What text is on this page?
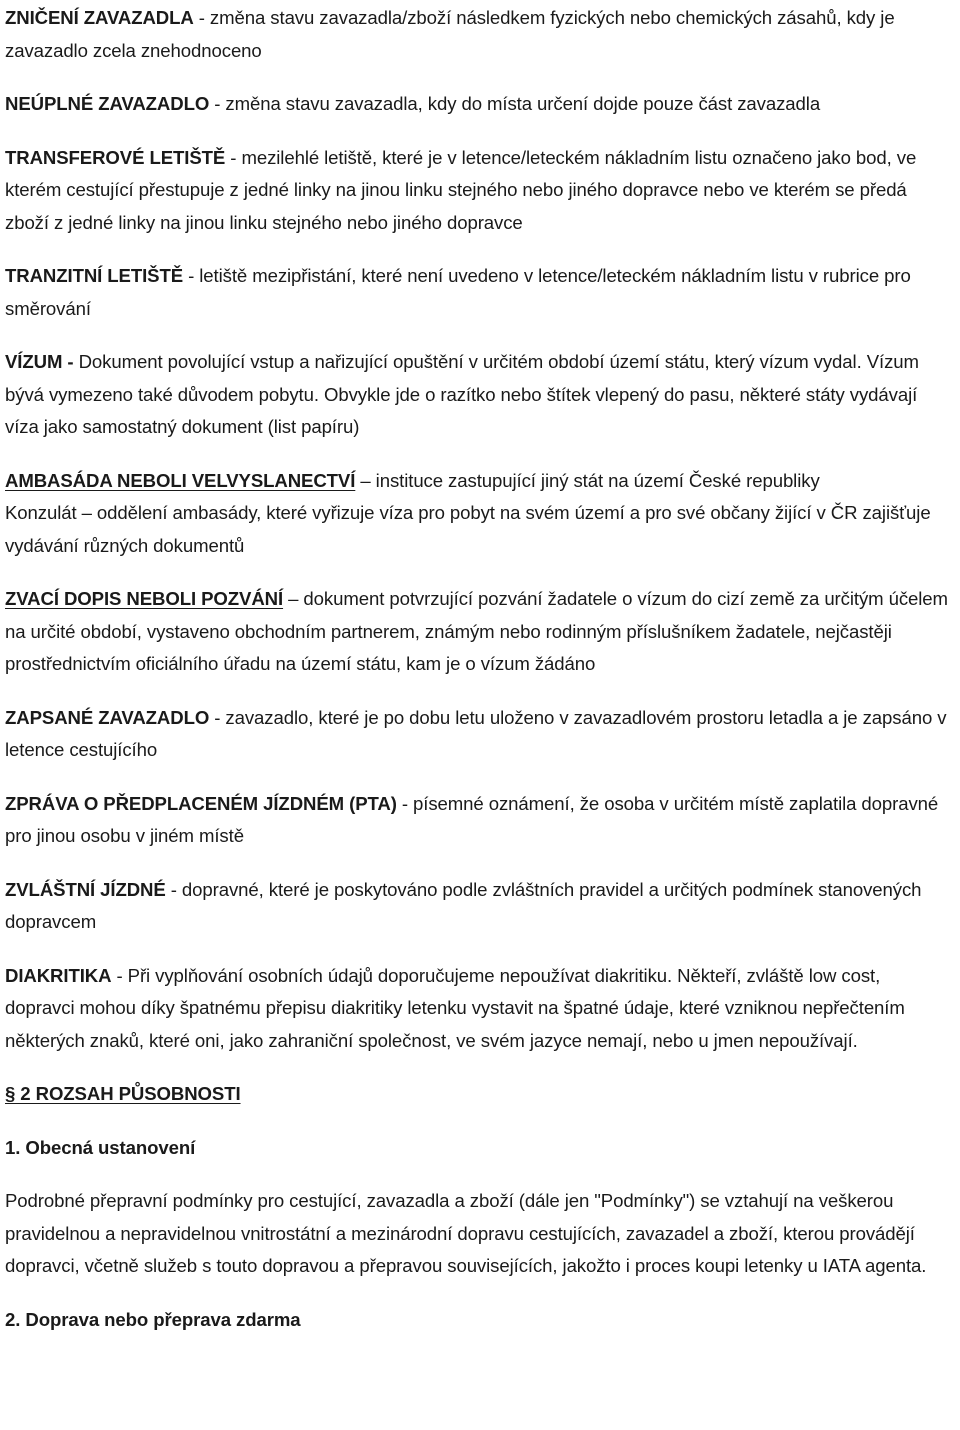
ZNIČENÍ ZAVAZADLA - změna stavu zavazadla/zboží následkem fyzických nebo chemických zásahů, kdy je zavazadlo zcela znehodnoceno

NEÚPLNÉ ZAVAZADLO - změna stavu zavazadla, kdy do místa určení dojde pouze část zavazadla

TRANSFEROVÉ LETIŠTĚ - mezilehlé letiště, které je v letence/leteckém nákladním listu označeno jako bod, ve kterém cestující přestupuje z jedné linky na jinou linku stejného nebo jiného dopravce nebo ve kterém se předá zboží z jedné linky na jinou linku stejného nebo jiného dopravce

TRANZITNÍ LETIŠTĚ - letiště mezipřistání, které není uvedeno v letence/leteckém nákladním listu v rubrice pro směrování

VÍZUM - Dokument povolující vstup a nařizující opuštění v určitém období území státu, který vízum vydal. Vízum bývá vymezeno také důvodem pobytu. Obvykle jde o razítko nebo štítek vlepený do pasu, některé státy vydávají víza jako samostatný dokument (list papíru)

AMBASÁDA NEBOLI VELVYSLANECTVÍ – instituce zastupující jiný stát na území České republiky

Konzulát – oddělení ambasády, které vyřizuje víza pro pobyt na svém území a pro své občany žijící v ČR zajišťuje vydávání různých dokumentů

ZVACÍ DOPIS NEBOLI POZVÁNÍ – dokument potvrzující pozvání žadatele o vízum do cizí země za určitým účelem na určité období, vystaveno obchodním partnerem, známým nebo rodinným příslušníkem žadatele, nejčastěji prostřednictvím oficiálního úřadu na území státu, kam je o vízum žádáno

ZAPSANÉ ZAVAZADLO - zavazadlo, které je po dobu letu uloženo v zavazadlovém prostoru letadla a je zapsáno v letence cestujícího

ZPRÁVA O PŘEDPLACENÉM JÍZDNÉM (PTA) - písemné oznámení, že osoba v určitém místě zaplatila dopravné pro jinou osobu v jiném místě

ZVLÁŠTNÍ JÍZDNÉ - dopravné, které je poskytováno podle zvláštních pravidel a určitých podmínek stanovených dopravcem

DIAKRITIKA - Při vyplňování osobních údajů doporučujeme nepoužívat diakritiku. Někteří, zvláště low cost, dopravci mohou díky špatnému přepisu diakritiky letenku vystavit na špatné údaje, které vzniknou nepřečtením některých znaků, které oni, jako zahraniční společnost, ve svém jazyce nemají, nebo u jmen nepoužívají.

§ 2 ROZSAH PŮSOBNOSTI

1. Obecná ustanovení

Podrobné přepravní podmínky pro cestující, zavazadla a zboží (dále jen "Podmínky") se vztahují na veškerou pravidelnou a nepravidelnou vnitrostátní a mezinárodní dopravu cestujících, zavazadel a zboží, kterou provádějí dopravci, včetně služeb s touto dopravou a přepravou souvisejících, jakožto i proces koupi letenky u IATA agenta.

2. Doprava nebo přeprava zdarma
